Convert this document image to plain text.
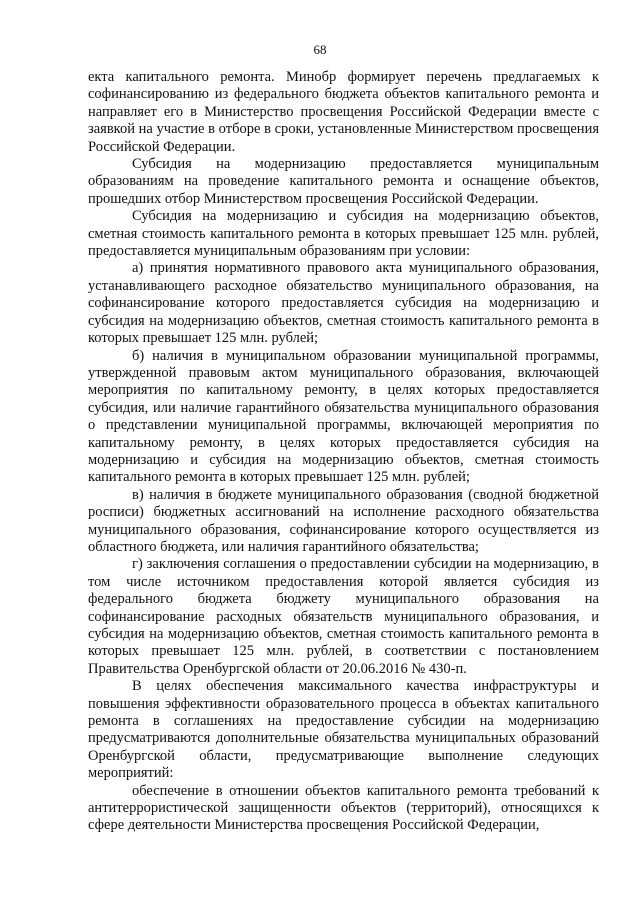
68

екта капитального ремонта. Минобр формирует перечень предлагаемых к софинансированию из федерального бюджета объектов капитального ремонта и направляет его в Министерство просвещения Российской Федерации вместе с заявкой на участие в отборе в сроки, установленные Министерством просвещения Российской Федерации.

Субсидия на модернизацию предоставляется муниципальным образованиям на проведение капитального ремонта и оснащение объектов, прошедших отбор Министерством просвещения Российской Федерации.

Субсидия на модернизацию и субсидия на модернизацию объектов, сметная стоимость капитального ремонта в которых превышает 125 млн. рублей, предоставляется муниципальным образованиям при условии:

а) принятия нормативного правового акта муниципального образования, устанавливающего расходное обязательство муниципального образования, на софинансирование которого предоставляется субсидия на модернизацию и субсидия на модернизацию объектов, сметная стоимость капитального ремонта в которых превышает 125 млн. рублей;

б) наличия в муниципальном образовании муниципальной программы, утвержденной правовым актом муниципального образования, включающей мероприятия по капитальному ремонту, в целях которых предоставляется субсидия, или наличие гарантийного обязательства муниципального образования о представлении муниципальной программы, включающей мероприятия по капитальному ремонту, в целях которых предоставляется субсидия на модернизацию и субсидия на модернизацию объектов, сметная стоимость капитального ремонта в которых превышает 125 млн. рублей;

в) наличия в бюджете муниципального образования (сводной бюджетной росписи) бюджетных ассигнований на исполнение расходного обязательства муниципального образования, софинансирование которого осуществляется из областного бюджета, или наличия гарантийного обязательства;

г) заключения соглашения о предоставлении субсидии на модернизацию, в том числе источником предоставления которой является субсидия из федерального бюджета бюджету муниципального образования на софинансирование расходных обязательств муниципального образования, и субсидия на модернизацию объектов, сметная стоимость капитального ремонта в которых превышает 125 млн. рублей, в соответствии с постановлением Правительства Оренбургской области от 20.06.2016 № 430-п.

В целях обеспечения максимального качества инфраструктуры и повышения эффективности образовательного процесса в объектах капитального ремонта в соглашениях на предоставление субсидии на модернизацию предусматриваются дополнительные обязательства муниципальных образований Оренбургской области, предусматривающие выполнение следующих мероприятий:

обеспечение в отношении объектов капитального ремонта требований к антитеррористической защищенности объектов (территорий), относящихся к сфере деятельности Министерства просвещения Российской Федерации,
